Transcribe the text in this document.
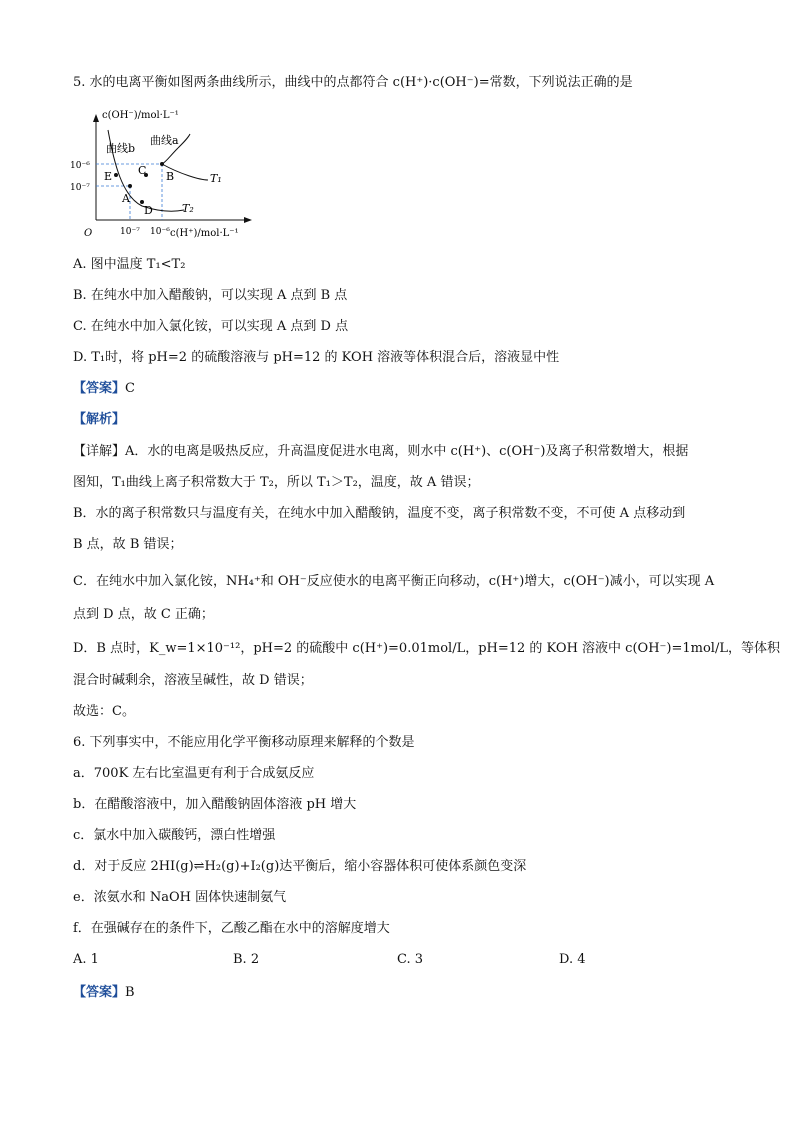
5. 水的电离平衡如图两条曲线所示，曲线中的点都符合 c(H⁺)·c(OH⁻)=常数，下列说法正确的是
c(OH⁻)/mol·L⁻¹
c(H⁺)/mol·L⁻¹
O
10⁻⁶
10⁻⁷
10⁻⁷ 10⁻⁶
曲线a
曲线b
T₁
T₂
A
B
C
D
E
A. 图中温度 T₁<T₂
B. 在纯水中加入醋酸钠，可以实现 A 点到 B 点
C. 在纯水中加入氯化铵，可以实现 A 点到 D 点
D. T₁时，将 pH=2 的硫酸溶液与 pH=12 的 KOH 溶液等体积混合后，溶液显中性
【答案】C
【解析】
【详解】A．水的电离是吸热反应，升高温度促进水电离，则水中 c(H⁺)、c(OH⁻)及离子积常数增大，根据
图知，T₁曲线上离子积常数大于 T₂，所以 T₁＞T₂，温度，故 A 错误；
B．水的离子积常数只与温度有关，在纯水中加入醋酸钠，温度不变，离子积常数不变，不可使 A 点移动到
B 点，故 B 错误；
C．在纯水中加入氯化铵，NH₄⁺和 OH⁻反应使水的电离平衡正向移动，c(H⁺)增大，c(OH⁻)减小，可以实现 A
点到 D 点，故 C 正确；
D．B 点时，K_w=1×10⁻¹²，pH=2 的硫酸中 c(H⁺)=0.01mol/L，pH=12 的 KOH 溶液中 c(OH⁻)=1mol/L，等体积
混合时碱剩余，溶液呈碱性，故 D 错误；
故选：C。
6. 下列事实中，不能应用化学平衡移动原理来解释的个数是
a．700K 左右比室温更有利于合成氨反应
b．在醋酸溶液中，加入醋酸钠固体溶液 pH 增大
c．氯水中加入碳酸钙，漂白性增强
d．对于反应 2HI(g)⇌H₂(g)+I₂(g)达平衡后，缩小容器体积可使体系颜色变深
e．浓氨水和 NaOH 固体快速制氨气
f．在强碱存在的条件下，乙酸乙酯在水中的溶解度增大
A. 1	B. 2	C. 3	D. 4
【答案】B
